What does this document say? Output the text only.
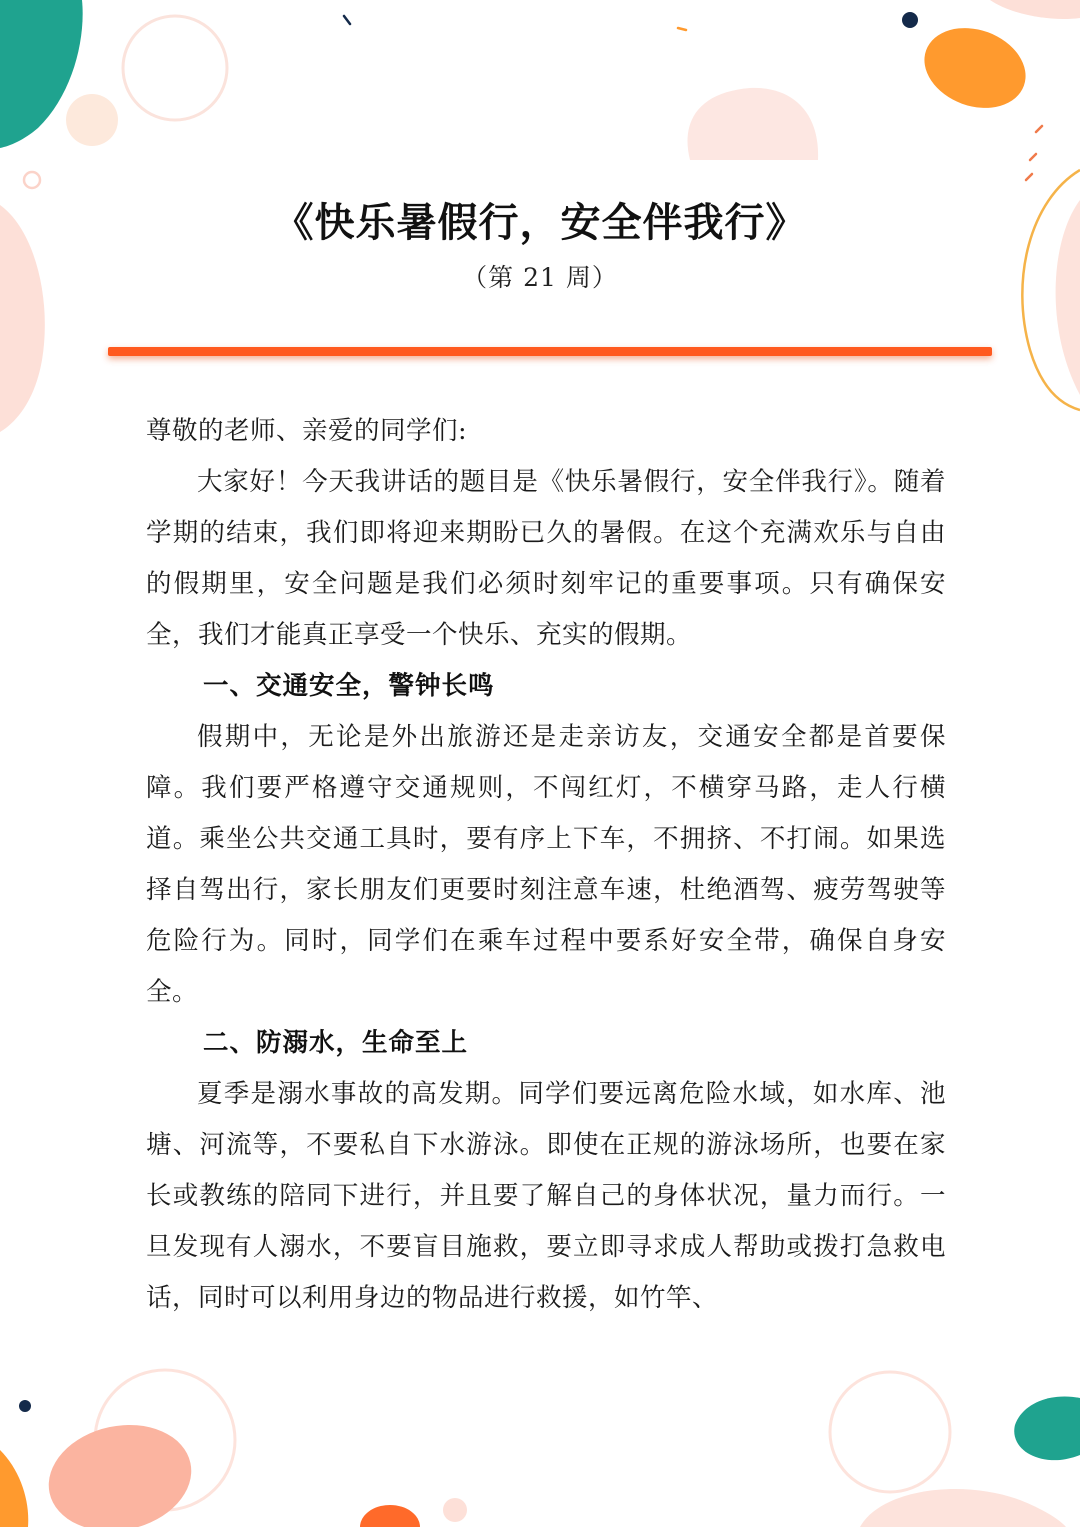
《快乐暑假行，安全伴我行》
（第 21 周）

尊敬的老师、亲爱的同学们:

大家好！今天我讲话的题目是《快乐暑假行，安全伴我行》。随着学期的结束，我们即将迎来期盼已久的暑假。在这个充满欢乐与自由的假期里，安全问题是我们必须时刻牢记的重要事项。只有确保安全，我们才能真正享受一个快乐、充实的假期。

一、交通安全，警钟长鸣

假期中，无论是外出旅游还是走亲访友，交通安全都是首要保障。我们要严格遵守交通规则，不闯红灯，不横穿马路，走人行横道。乘坐公共交通工具时，要有序上下车，不拥挤、不打闹。如果选择自驾出行，家长朋友们更要时刻注意车速，杜绝酒驾、疲劳驾驶等危险行为。同时，同学们在乘车过程中要系好安全带，确保自身安全。

二、防溺水，生命至上

夏季是溺水事故的高发期。同学们要远离危险水域，如水库、池塘、河流等，不要私自下水游泳。即使在正规的游泳场所，也要在家长或教练的陪同下进行，并且要了解自己的身体状况，量力而行。一旦发现有人溺水，不要盲目施救，要立即寻求成人帮助或拨打急救电话，同时可以利用身边的物品进行救援，如竹竿、
